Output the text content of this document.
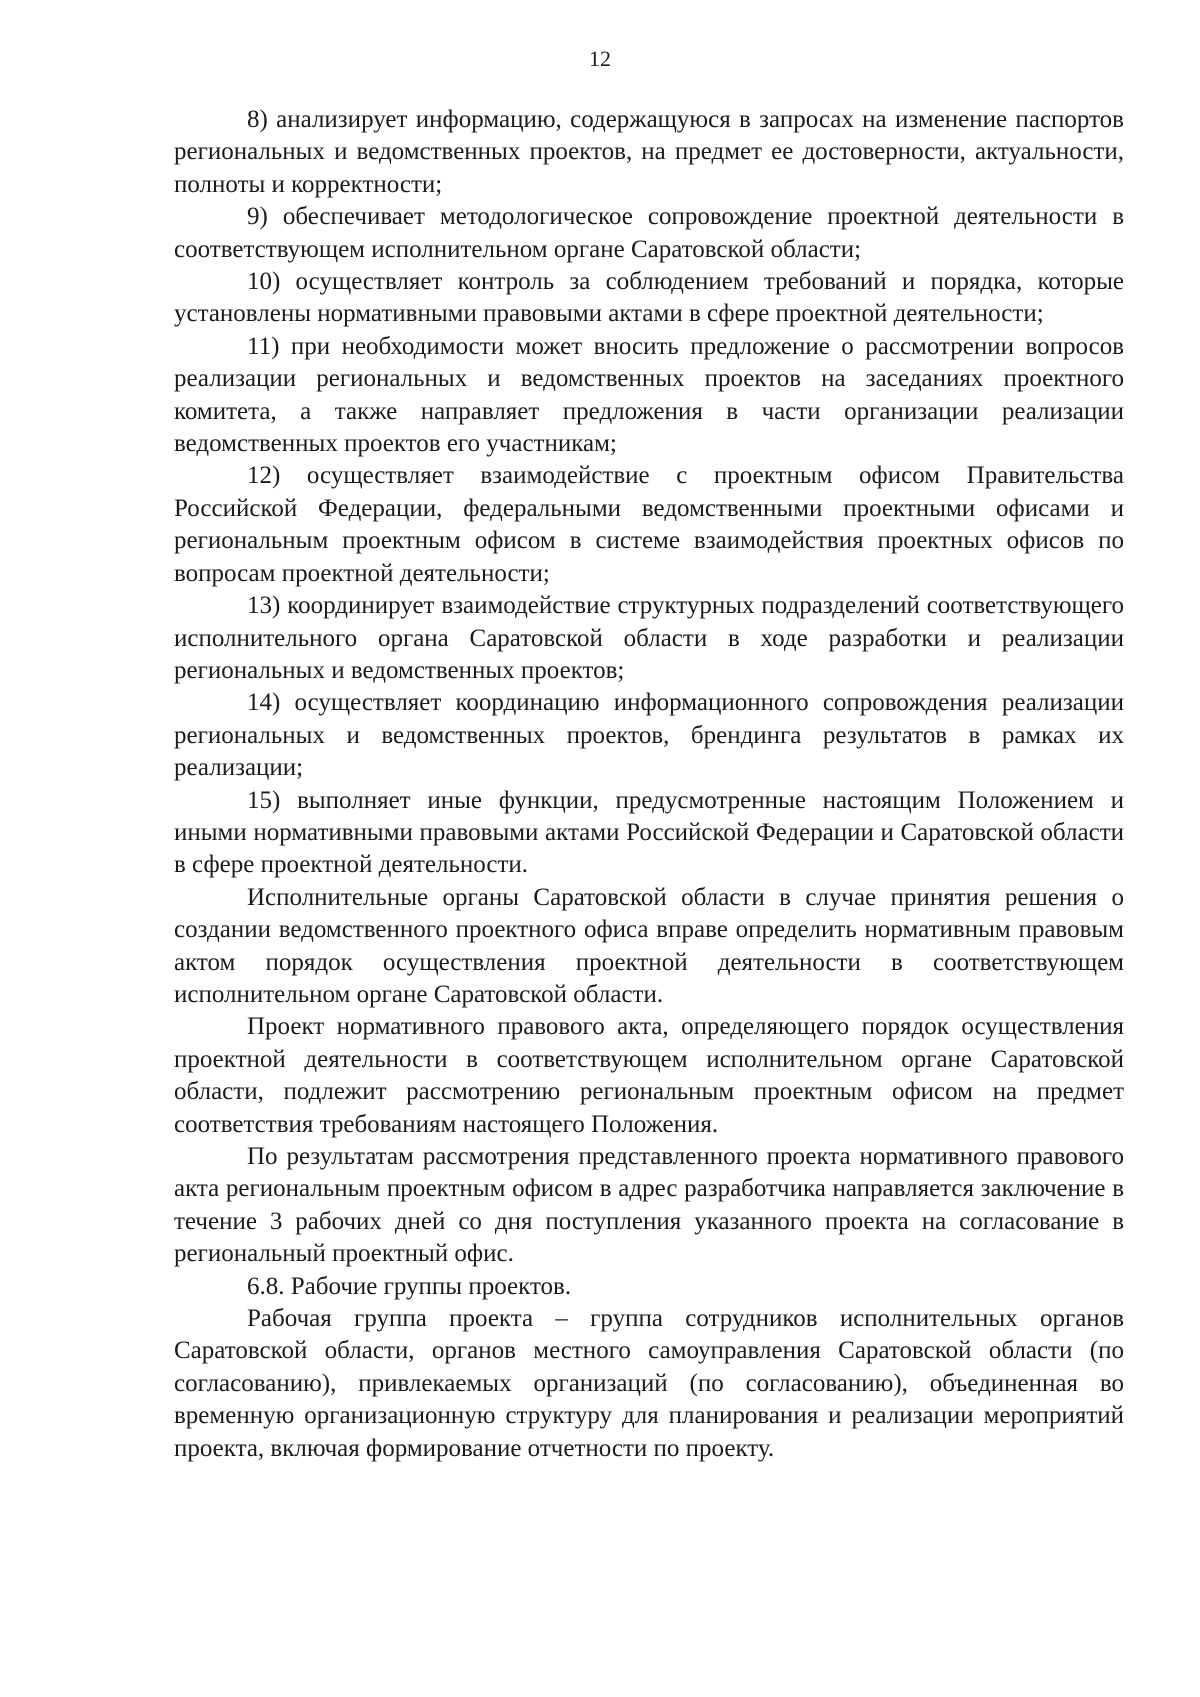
12

8) анализирует информацию, содержащуюся в запросах на изменение паспортов региональных и ведомственных проектов, на предмет ее достоверности, актуальности, полноты и корректности;

9) обеспечивает методологическое сопровождение проектной деятельности в соответствующем исполнительном органе Саратовской области;

10) осуществляет контроль за соблюдением требований и порядка, которые установлены нормативными правовыми актами в сфере проектной деятельности;

11) при необходимости может вносить предложение о рассмотрении вопросов реализации региональных и ведомственных проектов на заседаниях проектного комитета, а также направляет предложения в части организации реализации ведомственных проектов его участникам;

12) осуществляет взаимодействие с проектным офисом Правительства Российской Федерации, федеральными ведомственными проектными офисами и региональным проектным офисом в системе взаимодействия проектных офисов по вопросам проектной деятельности;

13) координирует взаимодействие структурных подразделений соответствующего исполнительного органа Саратовской области в ходе разработки и реализации региональных и ведомственных проектов;

14) осуществляет координацию информационного сопровождения реализации региональных и ведомственных проектов, брендинга результатов в рамках их реализации;

15) выполняет иные функции, предусмотренные настоящим Положением и иными нормативными правовыми актами Российской Федерации и Саратовской области в сфере проектной деятельности.

Исполнительные органы Саратовской области в случае принятия решения о создании ведомственного проектного офиса вправе определить нормативным правовым актом порядок осуществления проектной деятельности в соответствующем исполнительном органе Саратовской области.

Проект нормативного правового акта, определяющего порядок осуществления проектной деятельности в соответствующем исполнительном органе Саратовской области, подлежит рассмотрению региональным проектным офисом на предмет соответствия требованиям настоящего Положения.

По результатам рассмотрения представленного проекта нормативного правового акта региональным проектным офисом в адрес разработчика направляется заключение в течение 3 рабочих дней со дня поступления указанного проекта на согласование в региональный проектный офис.

6.8. Рабочие группы проектов.

Рабочая группа проекта – группа сотрудников исполнительных органов Саратовской области, органов местного самоуправления Саратовской области (по согласованию), привлекаемых организаций (по согласованию), объединенная во временную организационную структуру для планирования и реализации мероприятий проекта, включая формирование отчетности по проекту.
